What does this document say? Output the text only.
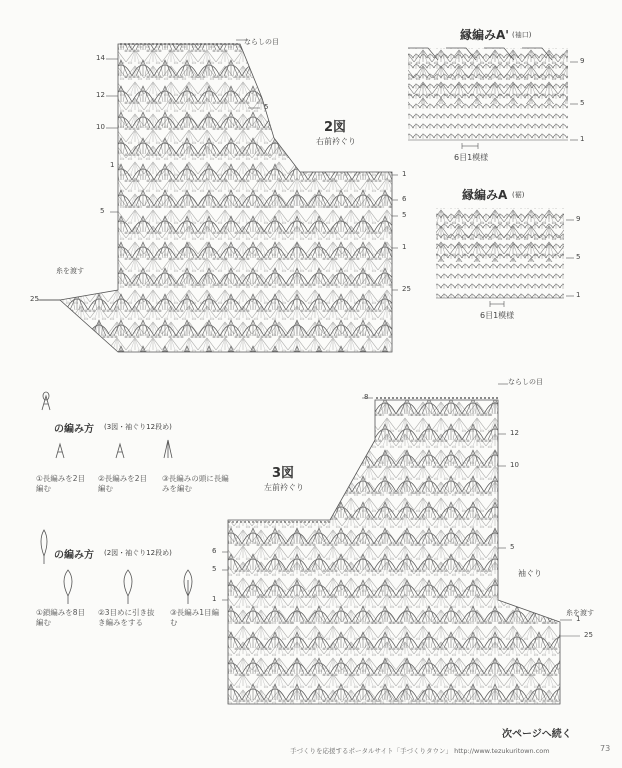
ならしの目
14
12
10
5
1
25
5
1
6
5
1
25
糸を渡す
2図
右前衿ぐり
縁編みA' (袖口)
9
5
1
6目1模様
縁編みA (裾)
9
5
1
6目1模様
の編み方 (3図・袖ぐり12段め)
①長編みを2目編む
②長編みを2目編む
③長編みの頭に長編みを編む
の編み方 (2図・袖ぐり12段め)
①鎖編みを8目編む
②3目めに引き抜き編みをする
③長編み1目編む
ならしの目
8
6
5
1
12
10
5
1
25
糸を渡す
袖ぐり
3図
左前衿ぐり
次ページへ続く
手づくりを応援するポータルサイト「手づくりタウン」 http://www.tezukuritown.com	73
